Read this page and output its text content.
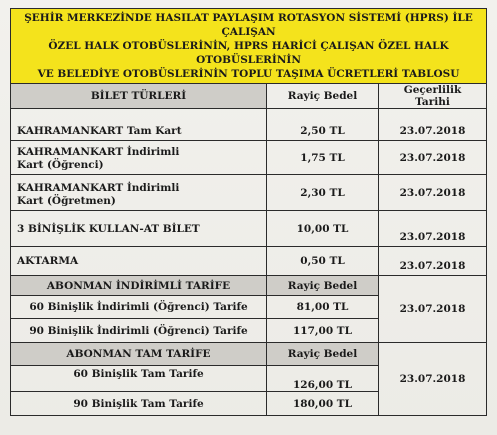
ŞEHİR MERKEZİNDE HASILAT PAYLAŞIM ROTASYON SİSTEMİ (HPRS) İLE ÇALIŞAN
ÖZEL HALK OTOBÜSLERİNİN, HPRS HARİCİ ÇALIŞAN ÖZEL HALK OTOBÜSLERİNİN
VE BELEDİYE OTOBÜSLERİNİN TOPLU TAŞIMA ÜCRETLERİ TABLOSU		

BİLET TÜRLERİ	Rayiç Bedel	Geçerlilik Tarihi

KAHRAMANKART Tam Kart	2,50 TL	23.07.2018

KAHRAMANKART İndirimli
Kart (Öğrenci)	1,75 TL	23.07.2018

KAHRAMANKART İndirimli
Kart (Öğretmen)	2,30 TL	23.07.2018
3 BİNİŞLİK KULLAN-AT BİLET	10,00 TL	23.07.2018

AKTARMA	0,50 TL	23.07.2018

ABONMAN İNDİRİMLİ TARİFE	Rayiç Bedel	23.07.2018
60 Binişlik İndirimli (Öğrenci) Tarife	81,00 TL	
90 Binişlik İndirimli (Öğrenci) Tarife	117,00 TL	
ABONMAN TAM TARİFE	Rayiç Bedel	23.07.2018
60 Binişlik Tam Tarife	126,00 TL	
90 Binişlik Tam Tarife	180,00 TL	
